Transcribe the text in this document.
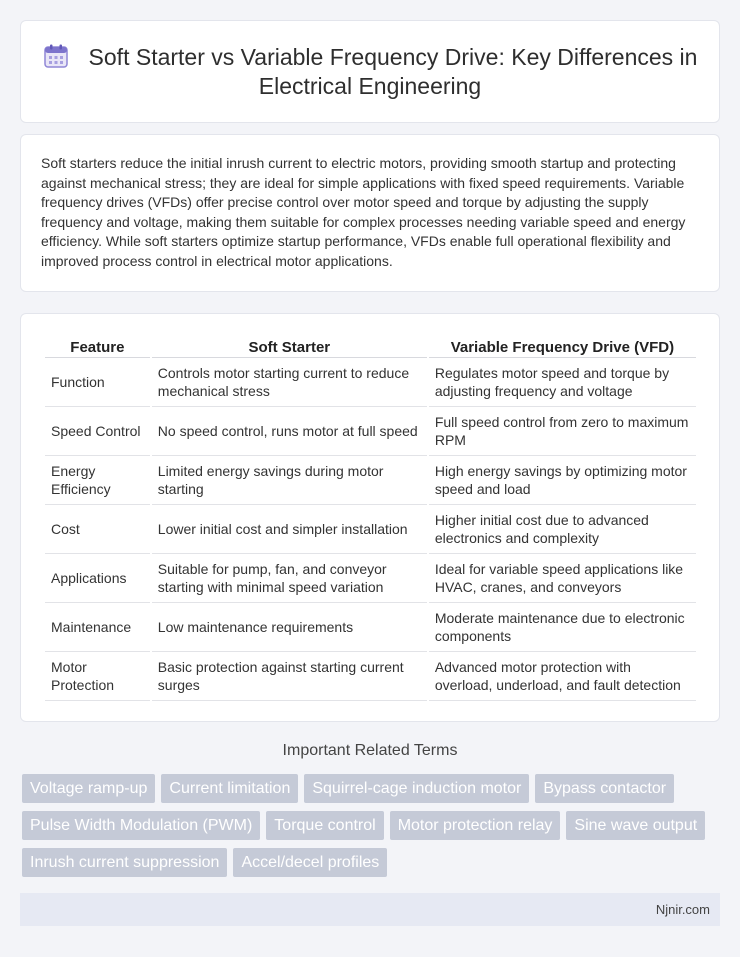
Soft Starter vs Variable Frequency Drive: Key Differences in Electrical Engineering

Soft starters reduce the initial inrush current to electric motors, providing smooth startup and protecting against mechanical stress; they are ideal for simple applications with fixed speed requirements. Variable frequency drives (VFDs) offer precise control over motor speed and torque by adjusting the supply frequency and voltage, making them suitable for complex processes needing variable speed and energy efficiency. While soft starters optimize startup performance, VFDs enable full operational flexibility and improved process control in electrical motor applications.

Feature	Soft Starter	Variable Frequency Drive (VFD)
Function	Controls motor starting current to reduce mechanical stress	Regulates motor speed and torque by adjusting frequency and voltage
Speed Control	No speed control, runs motor at full speed	Full speed control from zero to maximum RPM
Energy Efficiency	Limited energy savings during motor starting	High energy savings by optimizing motor speed and load
Cost	Lower initial cost and simpler installation	Higher initial cost due to advanced electronics and complexity
Applications	Suitable for pump, fan, and conveyor starting with minimal speed variation	Ideal for variable speed applications like HVAC, cranes, and conveyors
Maintenance	Low maintenance requirements	Moderate maintenance due to electronic components
Motor Protection	Basic protection against starting current surges	Advanced motor protection with overload, underload, and fault detection
Important Related Terms
Voltage ramp-up	Current limitation	Squirrel-cage induction motor	Bypass contactor
Pulse Width Modulation (PWM)	Torque control	Motor protection relay	Sine wave output
Inrush current suppression	Accel/decel profiles
Njnir.com
